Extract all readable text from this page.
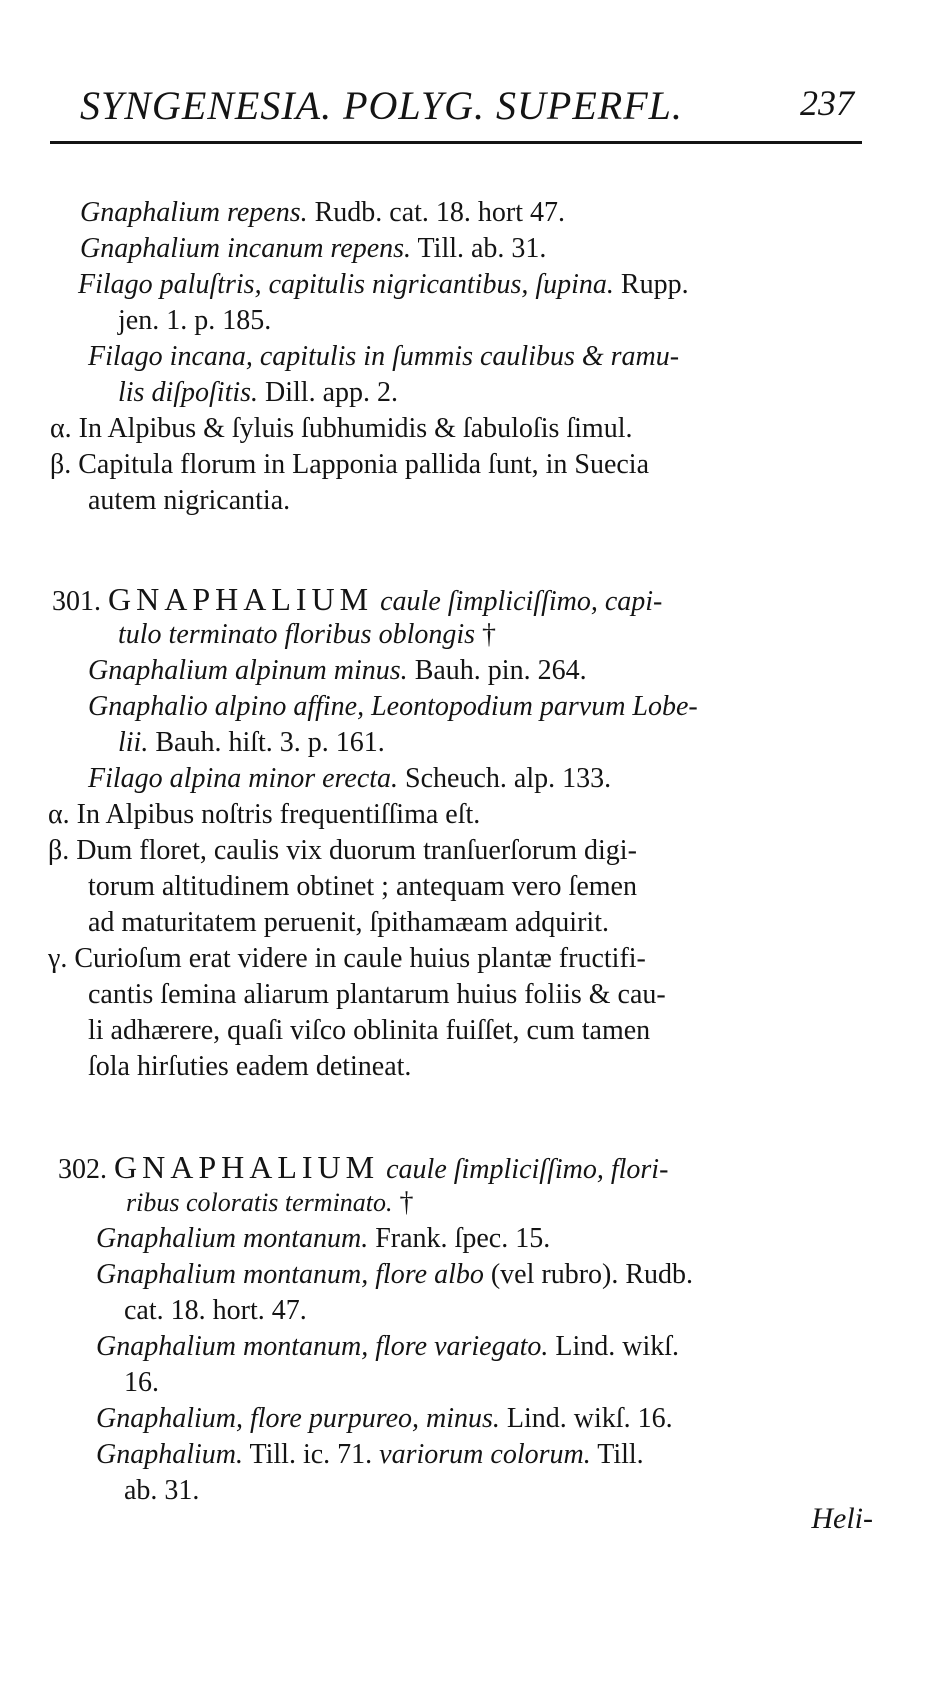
SYNGENESIA. POLYG. SUPERFL.	237
Gnaphalium repens. Rudb. cat. 18. hort 47.
Gnaphalium incanum repens. Till. ab. 31.
Filago paluſtris, capitulis nigricantibus, ſupina. Rupp.
jen. 1. p. 185.
Filago incana, capitulis in ſummis caulibus & ramu-
lis diſpoſitis. Dill. app. 2.
α. In Alpibus & ſyluis ſubhumidis & ſabuloſis ſimul.
β. Capitula florum in Lapponia pallida ſunt, in Suecia
autem nigricantia.
301. GNAPHALIUM caule ſimpliciſſimo, capi-
tulo terminato floribus oblongis †
Gnaphalium alpinum minus. Bauh. pin. 264.
Gnaphalio alpino affine, Leontopodium parvum Lobe-
lii. Bauh. hiſt. 3. p. 161.
Filago alpina minor erecta. Scheuch. alp. 133.
α. In Alpibus noſtris frequentiſſima eſt.
β. Dum floret, caulis vix duorum tranſuerſorum digi-
torum altitudinem obtinet ; antequam vero ſemen
ad maturitatem peruenit, ſpithamæam adquirit.
γ. Curioſum erat videre in caule huius plantæ fructifi-
cantis ſemina aliarum plantarum huius foliis & cau-
li adhærere, quaſi viſco oblinita fuiſſet, cum tamen
ſola hirſuties eadem detineat.
302. GNAPHALIUM caule ſimpliciſſimo, flori-
ribus coloratis terminato. †
Gnaphalium montanum. Frank. ſpec. 15.
Gnaphalium montanum, flore albo (vel rubro). Rudb.
cat. 18. hort. 47.
Gnaphalium montanum, flore variegato. Lind. wikſ.
16.
Gnaphalium, flore purpureo, minus. Lind. wikſ. 16.
Gnaphalium. Till. ic. 71. variorum colorum. Till.
ab. 31.
Heli-
